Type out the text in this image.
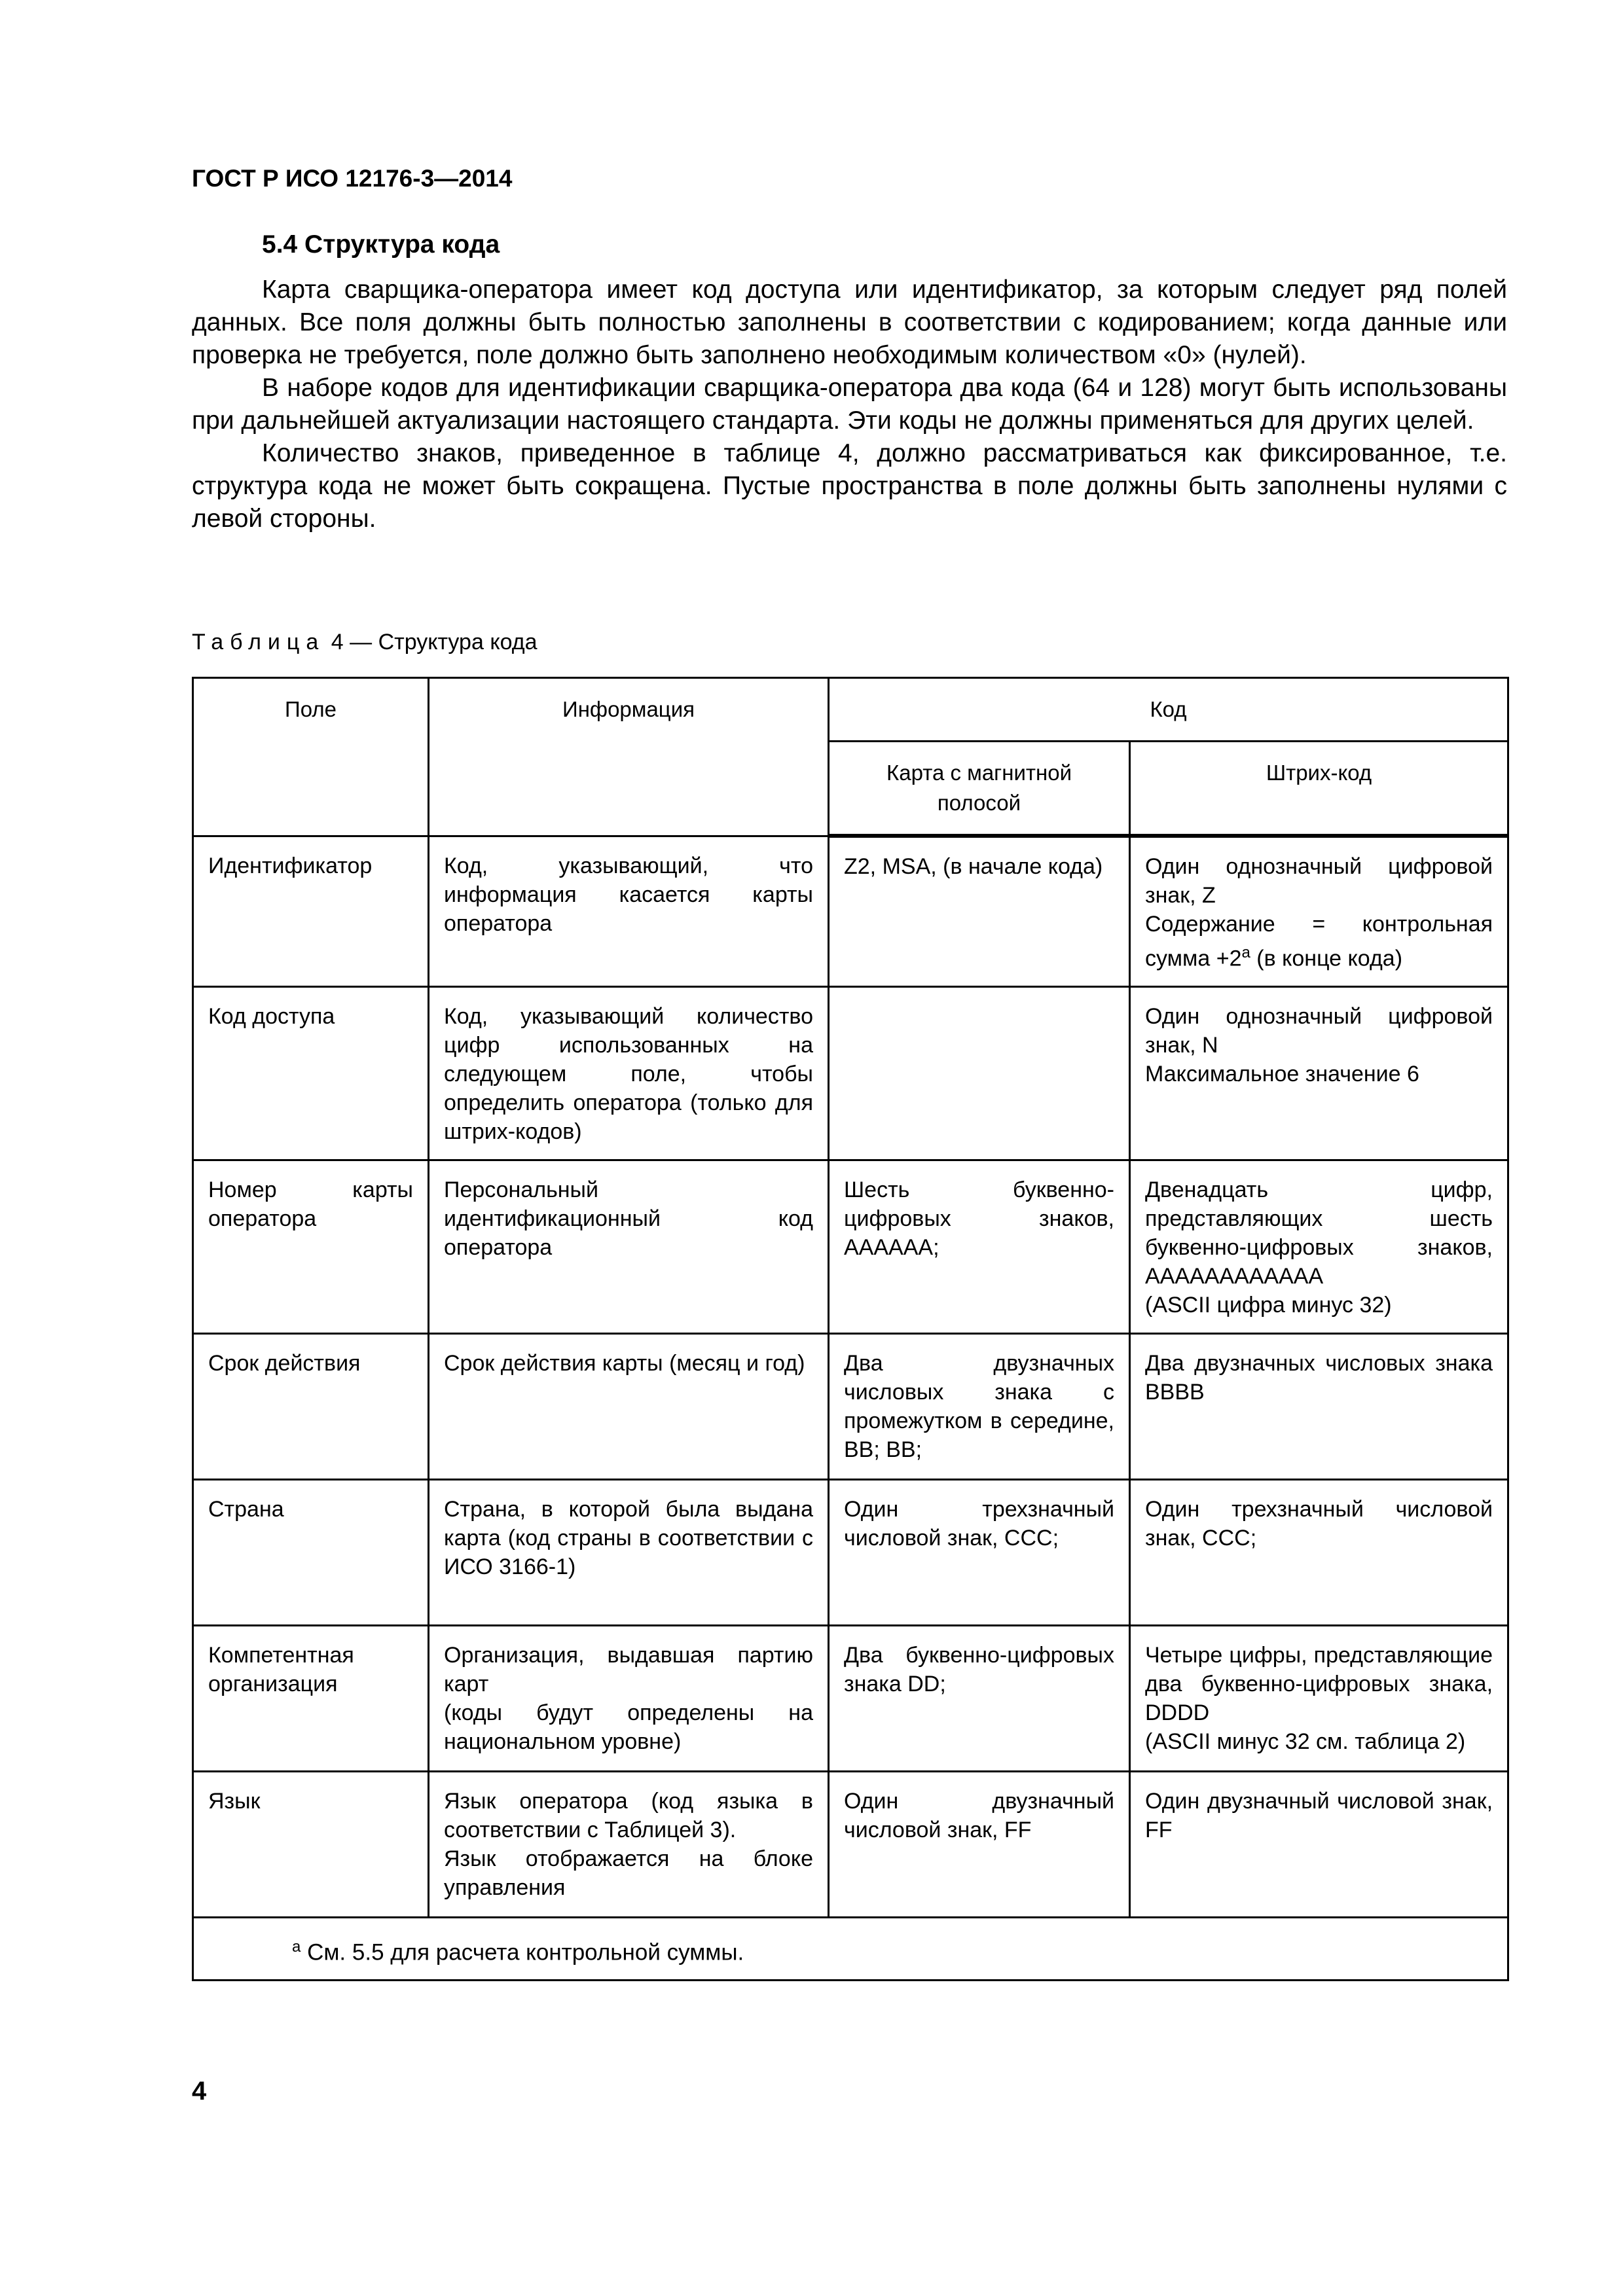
ГОСТ Р ИСО 12176-3—2014
5.4 Структура кода

Карта сварщика-оператора имеет код доступа или идентификатор, за которым следует ряд полей данных. Все поля должны быть полностью заполнены в соответствии с кодированием; когда данные или проверка не требуется, поле должно быть заполнено необходимым количеством «0» (нулей).

В наборе кодов для идентификации сварщика-оператора два кода (64 и 128) могут быть использованы при дальнейшей актуализации настоящего стандарта. Эти коды не должны применяться для других целей.

Количество знаков, приведенное в таблице 4, должно рассматриваться как фиксированное, т.е. структура кода не может быть сокращена. Пустые пространства в поле должны быть заполнены нулями с левой стороны.

Таблица 4 — Структура кода
Поле	Информация	Код	
		Карта с магнитной полосой	Штрих-код
Идентификатор	Код, указывающий, что информация касается карты оператора	Z2, MSA, (в начале кода)	Один однозначный цифровой знак, Z
Содержание = контрольная сумма $+2^a$ (в конце кода)

Код доступа	Код, указывающий количество цифр использованных на следующем поле, чтобы определить оператора (только для штрих-кодов)		Один однозначный цифровой знак, N
Максимальное значение 6

Номер карты оператора	Персональный идентификационный код оператора	Шесть буквенно-цифровых знаков, AAAAAA;	Двенадцать цифр, представляющих шесть буквенно-цифровых знаков, AAAAAAAAAAAA
(ASCII цифра минус 32)

Срок действия	Срок действия карты (месяц и год)	Два двузначных числовых знака с промежутком в середине, BB; BB;	Два двузначных числовых знака BBBB
Страна	Страна, в которой была выдана карта (код страны в соответствии с ИСО 3166-1)	Один трехзначный числовой знак, CCC;	Один трехзначный числовой знак, CCC;
Компетентная организация	Организация, выдавшая партию карт
(коды будут определены на национальном уровне)	Два буквенно-цифровых знака DD;	Четыре цифры, представляющие два буквенно-цифровых знака, DDDD
(ASCII минус 32 см. таблица 2)

Язык	Язык оператора (код языка в соответствии с Таблицей 3).
Язык отображается на блоке управления	Один двузначный числовой знак, FF	Один двузначный числовой знак, FF
$^a$ См. 5.5 для расчета контрольной суммы.			
4
